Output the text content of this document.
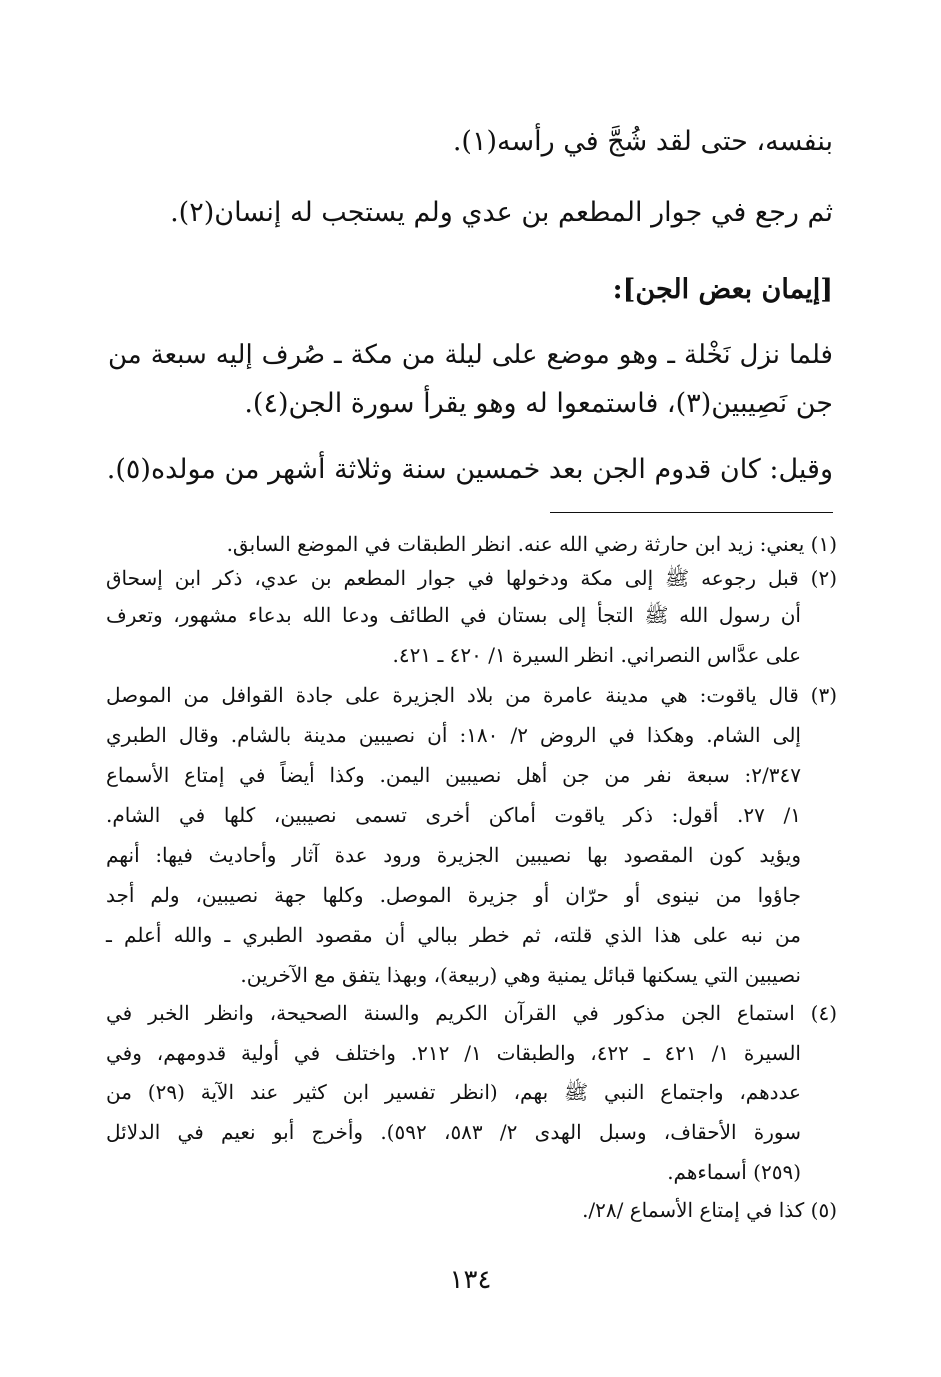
بنفسه، حتى لقد شُجَّ في رأسه(١).
ثم رجع في جوار المطعم بن عدي ولم يستجب له إنسان(٢).
[إيمان بعض الجن]:
فلما نزل نَخْلة ـ وهو موضع على ليلة من مكة ـ صُرف إليه سبعة من
جن نَصِيبين(٣)، فاستمعوا له وهو يقرأ سورة الجن(٤).
وقيل: كان قدوم الجن بعد خمسين سنة وثلاثة أشهر من مولده(٥).
(١) يعني: زيد ابن حارثة رضي الله عنه. انظر الطبقات في الموضع السابق.
(٢) قبل رجوعه ﷺ إلى مكة ودخولها في جوار المطعم بن عدي، ذكر ابن إسحاق
أن رسول الله ﷺ التجأ إلى بستان في الطائف ودعا الله بدعاء مشهور، وتعرف
على عدَّاس النصراني. انظر السيرة ١/ ٤٢٠ ـ ٤٢١.
(٣) قال ياقوت: هي مدينة عامرة من بلاد الجزيرة على جادة القوافل من الموصل
إلى الشام. وهكذا في الروض ٢/ ١٨٠: أن نصيبين مدينة بالشام. وقال الطبري
٢/٣٤٧: سبعة نفر من جن أهل نصيبين اليمن. وكذا أيضاً في إمتاع الأسماع
١/ ٢٧. أقول: ذكر ياقوت أماكن أخرى تسمى نصيبين، كلها في الشام.
ويؤيد كون المقصود بها نصيبين الجزيرة ورود عدة آثار وأحاديث فيها: أنهم
جاؤوا من نينوى أو حرّان أو جزيرة الموصل. وكلها جهة نصيبين، ولم أجد
من نبه على هذا الذي قلته، ثم خطر ببالي أن مقصود الطبري ـ والله أعلم ـ
نصيبين التي يسكنها قبائل يمنية وهي (ربيعة)، وبهذا يتفق مع الآخرين.
(٤) استماع الجن مذكور في القرآن الكريم والسنة الصحيحة، وانظر الخبر في
السيرة ١/ ٤٢١ ـ ٤٢٢، والطبقات ١/ ٢١٢. واختلف في أولية قدومهم، وفي
عددهم، واجتماع النبي ﷺ بهم، (انظر تفسير ابن كثير عند الآية (٢٩) من
سورة الأحقاف، وسبل الهدى ٢/ ٥٨٣، ٥٩٢). وأخرج أبو نعيم في الدلائل
(٢٥٩) أسماءهم.
(٥) كذا في إمتاع الأسماع /٢٨/.
١٣٤
